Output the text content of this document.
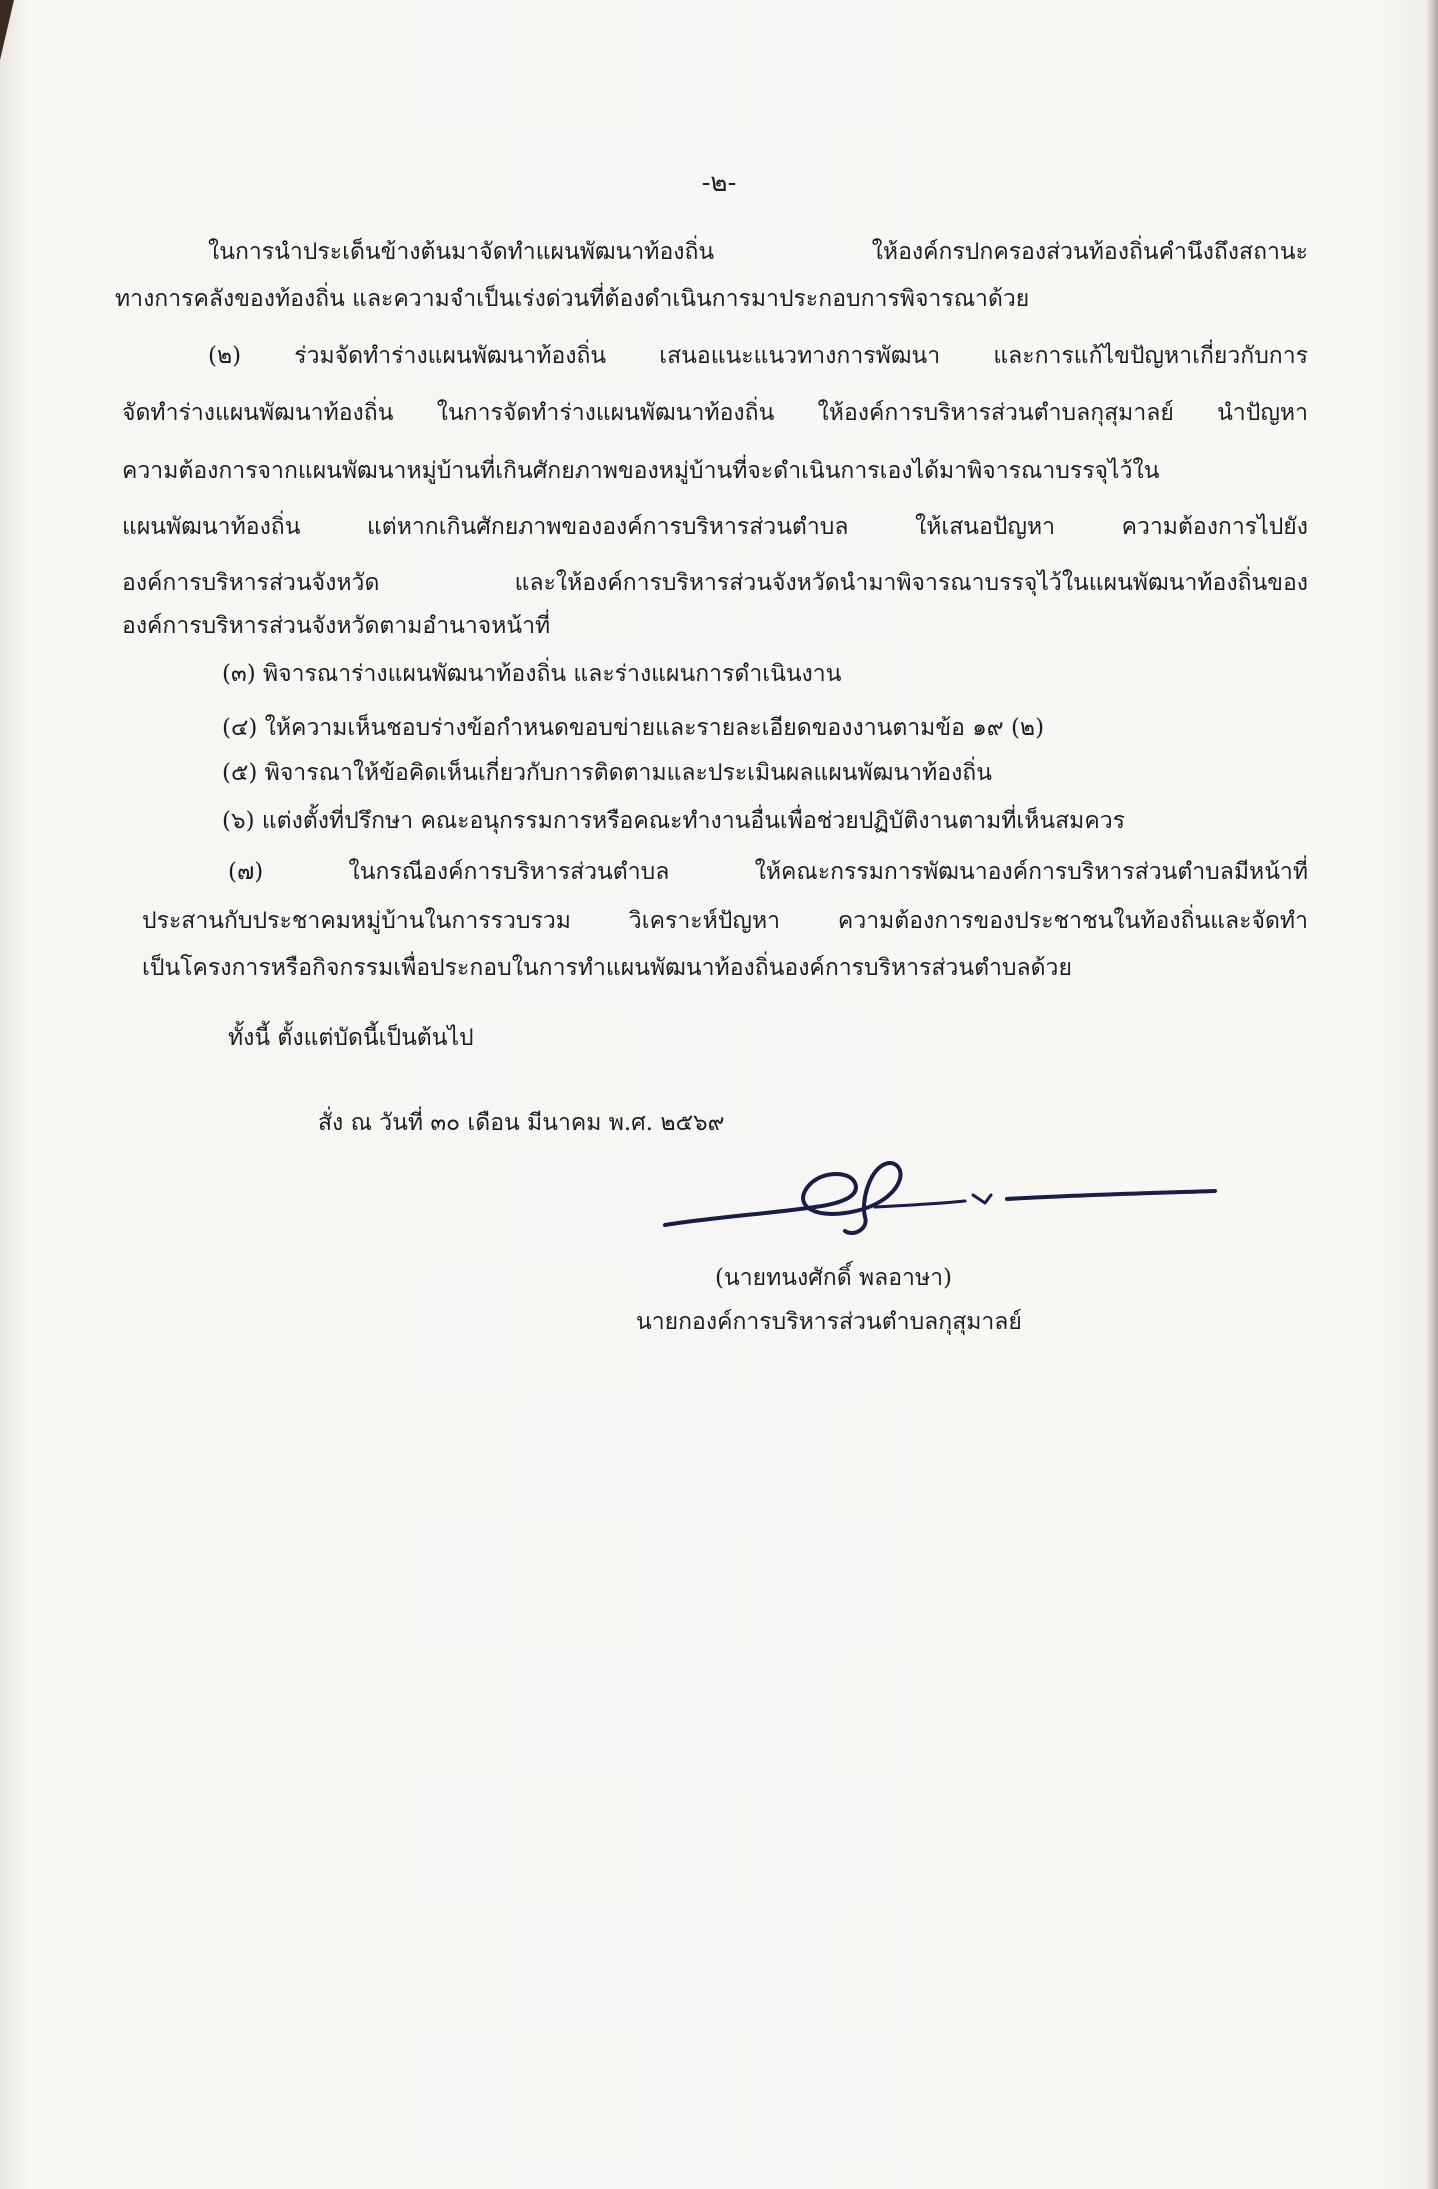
-๒-
ในการนำประเด็นข้างต้นมาจัดทำแผนพัฒนาท้องถิ่น ให้องค์กรปกครองส่วนท้องถิ่นคำนึงถึงสถานะ
ทางการคลังของท้องถิ่น และความจำเป็นเร่งด่วนที่ต้องดำเนินการมาประกอบการพิจารณาด้วย
(๒) ร่วมจัดทำร่างแผนพัฒนาท้องถิ่น เสนอแนะแนวทางการพัฒนา และการแก้ไขปัญหาเกี่ยวกับการ
จัดทำร่างแผนพัฒนาท้องถิ่น ในการจัดทำร่างแผนพัฒนาท้องถิ่น ให้องค์การบริหารส่วนตำบลกุสุมาลย์ นำปัญหา
ความต้องการจากแผนพัฒนาหมู่บ้านที่เกินศักยภาพของหมู่บ้านที่จะดำเนินการเองได้มาพิจารณาบรรจุไว้ใน
แผนพัฒนาท้องถิ่น แต่หากเกินศักยภาพขององค์การบริหารส่วนตำบล ให้เสนอปัญหา ความต้องการไปยัง
องค์การบริหารส่วนจังหวัด และให้องค์การบริหารส่วนจังหวัดนำมาพิจารณาบรรจุไว้ในแผนพัฒนาท้องถิ่นของ
องค์การบริหารส่วนจังหวัดตามอำนาจหน้าที่
(๓) พิจารณาร่างแผนพัฒนาท้องถิ่น และร่างแผนการดำเนินงาน
(๔) ให้ความเห็นชอบร่างข้อกำหนดขอบข่ายและรายละเอียดของงานตามข้อ ๑๙ (๒)
(๕) พิจารณาให้ข้อคิดเห็นเกี่ยวกับการติดตามและประเมินผลแผนพัฒนาท้องถิ่น
(๖) แต่งตั้งที่ปรึกษา คณะอนุกรรมการหรือคณะทำงานอื่นเพื่อช่วยปฏิบัติงานตามที่เห็นสมควร
(๗) ในกรณีองค์การบริหารส่วนตำบล ให้คณะกรรมการพัฒนาองค์การบริหารส่วนตำบลมีหน้าที่
ประสานกับประชาคมหมู่บ้านในการรวบรวม วิเคราะห์ปัญหา ความต้องการของประชาชนในท้องถิ่นและจัดทำ
เป็นโครงการหรือกิจกรรมเพื่อประกอบในการทำแผนพัฒนาท้องถิ่นองค์การบริหารส่วนตำบลด้วย
ทั้งนี้ ตั้งแต่บัดนี้เป็นต้นไป
สั่ง ณ วันที่ ๓๐ เดือน มีนาคม พ.ศ. ๒๕๖๙
(นายทนงศักดิ์ พลอาษา)
นายกองค์การบริหารส่วนตำบลกุสุมาลย์
